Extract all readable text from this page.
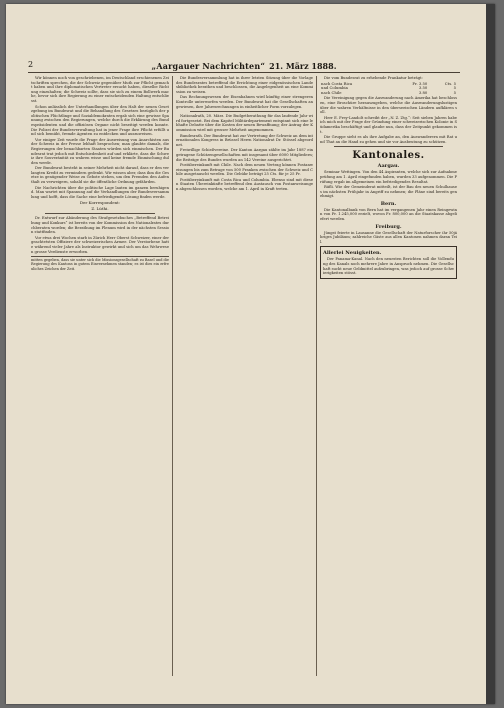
2	„Aargauer Nachrichten“ 21. März 1888.

Wir können noch von geschriebenen, im Deutschland erschienenen Zeitschriften sprechen, die der Schweiz gegenüber Muth zur Pflicht gemacht haben und ihre diplomatischen Vertreter ersucht haben, dieselbe Richtung einzuhalten; die Schweiz sollte, dass sie sich zu einem Bollwerk mache, bevor sich ihre Regierung zu einer entscheidenden Haltung entschliesst.

Schon anlässlich der Unterhandlungen über den Halt der neuen Gesetzgebung im Bundesrat und die Behandlung des Gesetzes bezüglich der politischen Flüchtlinge und Sozialdemokraten ergab sich eine gewisse Spannung zwischen den Regierungen, welche durch die Erklärung des Bundespräsidenten und die offiziösen Organe nicht beseitigt werden konnte. Die Polizei der Bundesverwaltung hat in jener Frage ihre Pflicht erfüllt und sich bemüht, fremde Agenten zu entdecken und auszuweisen.

Vor einiger Zeit wurde die Frage der Ausweisung von Anarchisten aus der Schweiz in der Presse lebhaft besprochen; man glaubte damals, die Regierungen der benachbarten Staaten würden sich einmischen. Der Bundesrat trat jedoch mit Entschiedenheit auf und erklärte, dass die Schweiz ihre Souveränität zu wahren wisse und keine fremde Einmischung dulden werde.

Der Bundesrat besteht in seiner Mehrheit nicht darauf, dass er den verlangten Kredit zu vermindern gedenkt. Wir wissen aber, dass ihm die Gesetze in genügender Weise zu Gebote stehen, um den Fremden den Aufenthalt zu verweigern, sobald sie die öffentliche Ordnung gefährden.

Die Nachrichten über die politische Lage lauten im ganzen beruhigend. Man wartet mit Spannung auf die Verhandlungen der Bundesversammlung und hofft, dass die Sache eine befriedigende Lösung finden werde.

Der Korrespondent:
Z. Lüthi.

Dr. Entwurf zur Abänderung des Strafgesetzbuches „Betreffend Betreibung und Konkurs“ ist bereits von der Kommission des Nationalrates durchberaten worden; die Berathung im Plenum wird in der nächsten Session stattfinden.

Vor etwa drei Wochen starb in Zürich Herr Oberst Schweizer, einer der geachtetsten Offiziere der schweizerischen Armee. Der Verstorbene hatte während vieler Jahre als Instruktor gewirkt und sich um das Wehrwesen grosse Verdienste erworben.

mitten gegeben, dass sie unter sich die Missionsgesellschaft zu Basel und die Regierung des Kantons in gutem Einvernehmen standen; es ist dies ein erfreuliches Zeichen der Zeit.

Die Bundesversammlung hat in ihrer letzten Sitzung über die Vorlage des Bundesrates betreffend die Errichtung einer eidgenössischen Landesbibliothek berathen und beschlossen, die Angelegenheit an eine Kommission zu weisen.

Das Rechnungswesen der Eisenbahnen wird künftig einer strengeren Kontrolle unterworfen werden. Der Bundesrat hat die Gesellschaften angewiesen, ihre Jahresrechnungen in einheitlicher Form vorzulegen.

Nationalrath, 20. März. Die Budgetberathung für das laufende Jahr wird fortgesetzt. Bei dem Kapitel Militärdepartement entspinnt sich eine lebhafte Debatte über die Kosten der neuen Bewaffnung; der Antrag der Kommission wird mit grosser Mehrheit angenommen.

Bundesrath. Der Bundesrat hat zur Vertretung der Schweiz an dem internationalen Kongress in Brüssel Herrn Nationalrat Dr. Stössel abgeordnet.

Freiwillige Schießvereine. Der Kanton Aargau zählte im Jahr 1887 eingetragene Schützengesellschaften mit insgesamt über 6000 Mitgliedern; die Beiträge des Bundes wurden an 142 Vereine ausgerichtet.

Postübereinkunft mit Chile. Nach dem neuen Vertrag können Postanweisungen bis zum Betrage von 500 Franken zwischen der Schweiz und Chile ausgetauscht werden. Die Gebühr beträgt 25 Cts. für je 25 Fr.

Postübereinkunft mit Costa Rica und Columbia. Ebenso sind mit diesen Staaten Übereinkünfte betreffend den Austausch von Postanweisungen abgeschlossen worden, welche am 1. April in Kraft treten.

Die vom Bundesrat zu erhebende Frankatur beträgt:

nach Costa Rica	Fr. 3.50	Cts. 5
und Columbia	3.50	5
nach Chile	3.80	5

Die Vereinigung gegen die Auswanderung nach Amerika hat beschlossen, eine Broschüre herauszugeben, welche die Auswanderungslustigen über die wahren Verhältnisse in den überseeischen Ländern aufklären soll.

Herr E. Frey-Landolt schreibt der „N. Z. Ztg.“: Seit sieben Jahren habe ich mich mit der Frage der Gründung einer schweizerischen Kolonie in Südamerika beschäftigt und glaube nun, dass der Zeitpunkt gekommen ist.

Die Gruppe sieht es als ihre Aufgabe an, den Auswanderern mit Rat und That an die Hand zu gehen und sie vor Ausbeutung zu schützen.

Kantonales.
Aargau.

Seminar Wettingen. Von den 44 Aspiranten, welche sich zur Aufnahmeprüfung am 1. April eingefunden haben, wurden 33 aufgenommen. Die Prüfung ergab im allgemeinen ein befriedigendes Resultat.

Rüfli. Wie der Gemeinderat mitteilt, ist der Bau des neuen Schulhauses im nächsten Frühjahr in Angriff zu nehmen; die Pläne sind bereits genehmigt.

Bern.

Die Kantonalbank von Bern hat im vergangenen Jahr einen Reingewinn von Fr. 1.245,000 erzielt, wovon Fr. 800,000 an die Staatskasse abgeliefert werden.

Freiburg.

Jüngst feierte in Lausanne die Gesellschaft der Naturforscher ihr 50jähriges Jubiläum; zahlreiche Gäste aus allen Kantonen nahmen daran Teil.

Allerlei Neuigkeiten.

Der Panama-Kanal. Nach den neuesten Berichten soll die Vollendung des Kanals noch mehrere Jahre in Anspruch nehmen. Die Gesellschaft sucht neue Geldmittel aufzubringen, was jedoch auf grosse Schwierigkeiten stösst.
